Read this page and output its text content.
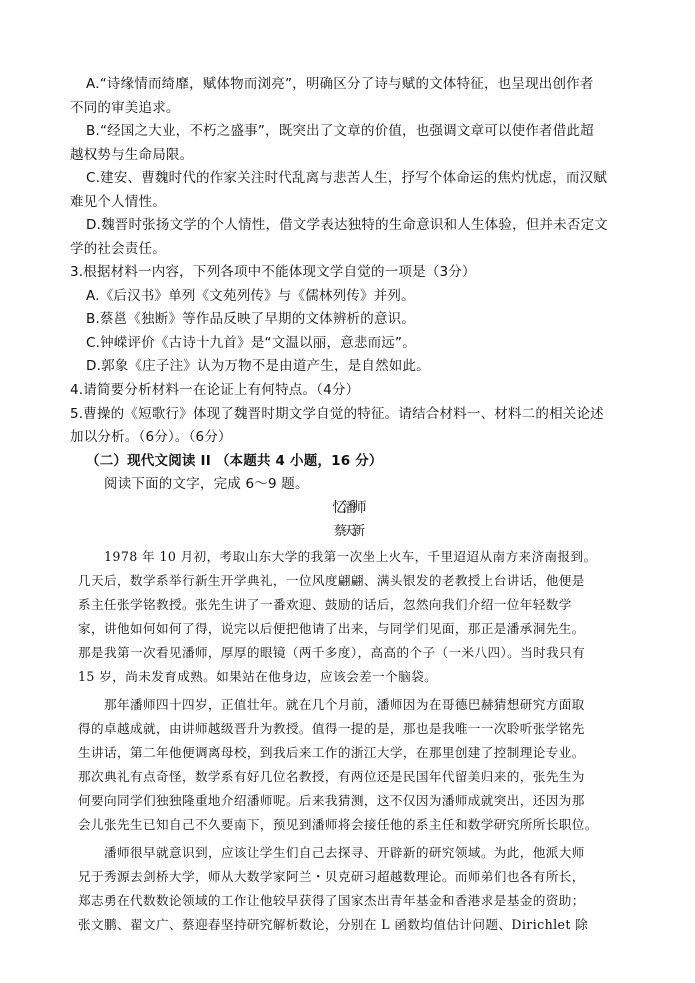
A.“诗缘情而绮靡，赋体物而浏亮”，明确区分了诗与赋的文体特征，也呈现出创作者
不同的审美追求。
B.“经国之大业，不朽之盛事”，既突出了文章的价值，也强调文章可以使作者借此超
越权势与生命局限。
C.建安、曹魏时代的作家关注时代乱离与悲苦人生，抒写个体命运的焦灼忧虑，而汉赋
难见个人情性。
D.魏晋时张扬文学的个人情性，借文学表达独特的生命意识和人生体验，但并未否定文
学的社会责任。
3.根据材料一内容，下列各项中不能体现文学自觉的一项是（3分）
A.《后汉书》单列《文苑列传》与《儒林列传》并列。
B.蔡邕《独断》等作品反映了早期的文体辨析的意识。
C.钟嵘评价《古诗十九首》是“文温以丽，意悲而远”。
D.郭象《庄子注》认为万物不是由道产生，是自然如此。
4.请简要分析材料一在论证上有何特点。（4分）
5.曹操的《短歌行》体现了魏晋时期文学自觉的特征。请结合材料一、材料二的相关论述
加以分析。（6分）。（6分）
（二）现代文阅读 II （本题共 4 小题，16 分）
阅读下面的文字，完成 6～9 题。
忆潘师
蔡天新
1978 年 10 月初，考取山东大学的我第一次坐上火车，千里迢迢从南方来济南报到。
几天后，数学系举行新生开学典礼，一位风度翩翩、满头银发的老教授上台讲话，他便是
系主任张学铭教授。张先生讲了一番欢迎、鼓励的话后，忽然向我们介绍一位年轻数学
家，讲他如何如何了得，说完以后便把他请了出来，与同学们见面，那正是潘承洞先生。
那是我第一次看见潘师，厚厚的眼镜（两千多度），高高的个子（一米八四）。当时我只有
15 岁，尚未发育成熟。如果站在他身边，应该会差一个脑袋。
那年潘师四十四岁，正值壮年。就在几个月前，潘师因为在哥德巴赫猜想研究方面取
得的卓越成就，由讲师越级晋升为教授。值得一提的是，那也是我唯一一次聆听张学铭先
生讲话，第二年他便调离母校，到我后来工作的浙江大学，在那里创建了控制理论专业。
那次典礼有点奇怪，数学系有好几位名教授，有两位还是民国年代留美归来的，张先生为
何要向同学们独独隆重地介绍潘师呢。后来我猜测，这不仅因为潘师成就突出，还因为那
会儿张先生已知自己不久要南下，预见到潘师将会接任他的系主任和数学研究所所长职位。
潘师很早就意识到，应该让学生们自己去探寻、开辟新的研究领域。为此，他派大师
兄于秀源去剑桥大学，师从大数学家阿兰・贝克研习超越数理论。而师弟们也各有所长，
郑志勇在代数数论领域的工作让他较早获得了国家杰出青年基金和香港求是基金的资助；
张文鹏、翟文广、蔡迎春坚持研究解析数论，分别在 L 函数均值估计问题、Dirichlet 除
